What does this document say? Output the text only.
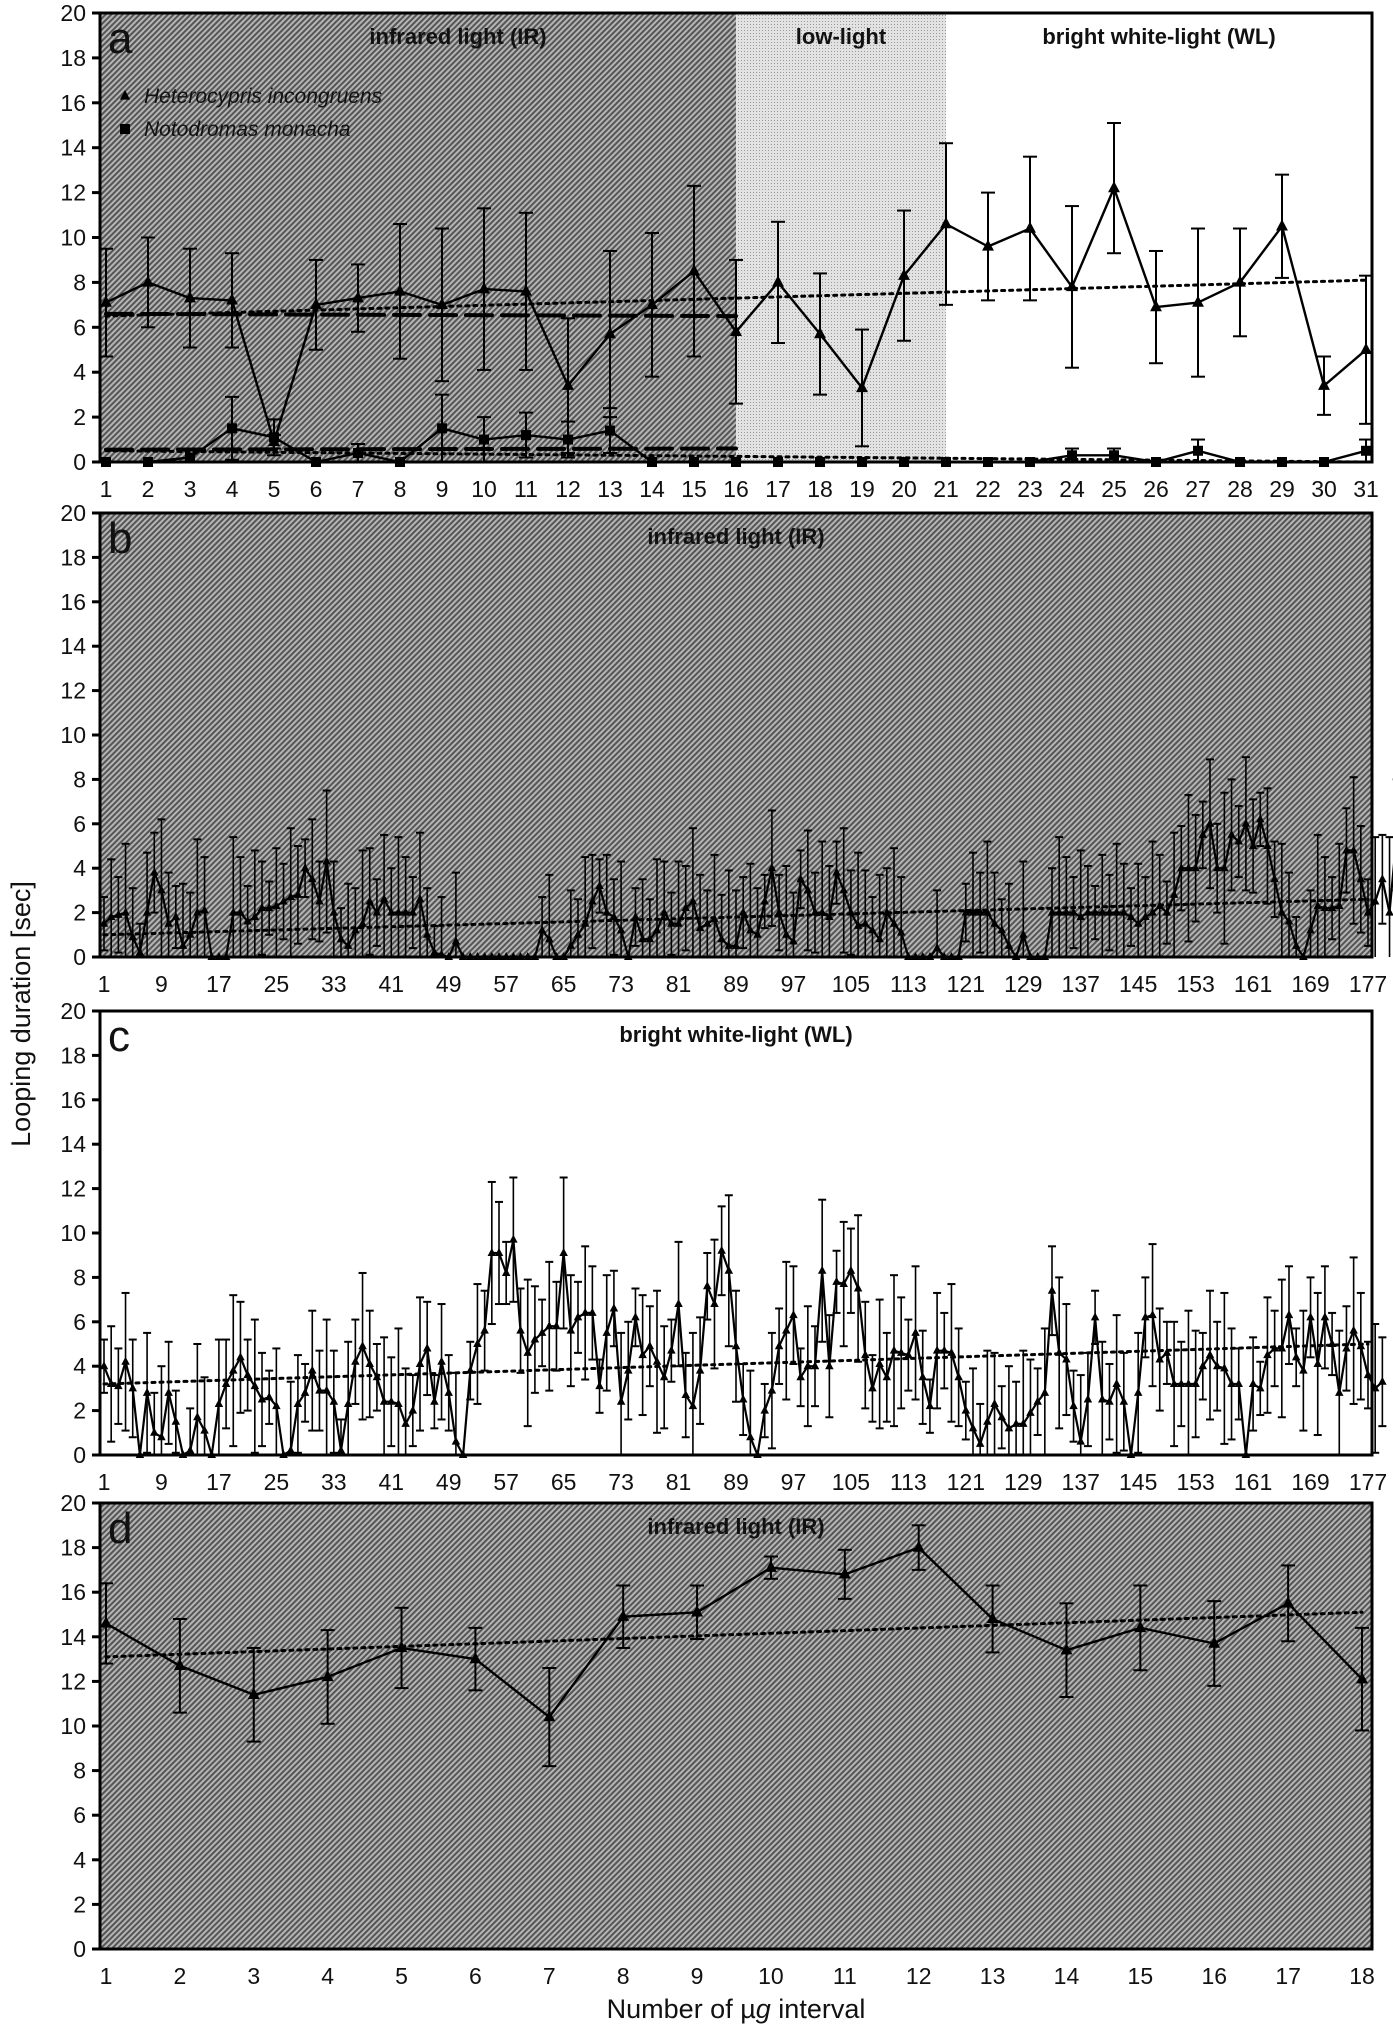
0
2
4
6
8
10
12
14
16
18
20
1 2 3 4 5 6 7 8 9 10 11 12 13 14 15 16 17 18 19 20 21 22 23 24 25 26 27 28 29 30 31
a	infrared light (IR)	low-light	bright white-light (WL)
Heterocypris incongruens
Notodromas monacha
0
2
4
6
8
10
12
14
16
18
20
1 9 17 25 33 41 49 57 65 73 81 89 97 105 113 121 129 137 145 153 161 169 177
b	infrared light (IR)
0
2
4
6
8
10
12
14
16
18
20
1 9 17 25 33 41 49 57 65 73 81 89 97 105 113 121 129 137 145 153 161 169 177
c	bright white-light (WL)
0
2
4
6
8
10
12
14
16
18
20
1	2	3	4	5	6	7	8	9 10 11 12 13 14 15 16 17 18
d	infrared light (IR)
Looping duration [sec]
Number of µg interval
